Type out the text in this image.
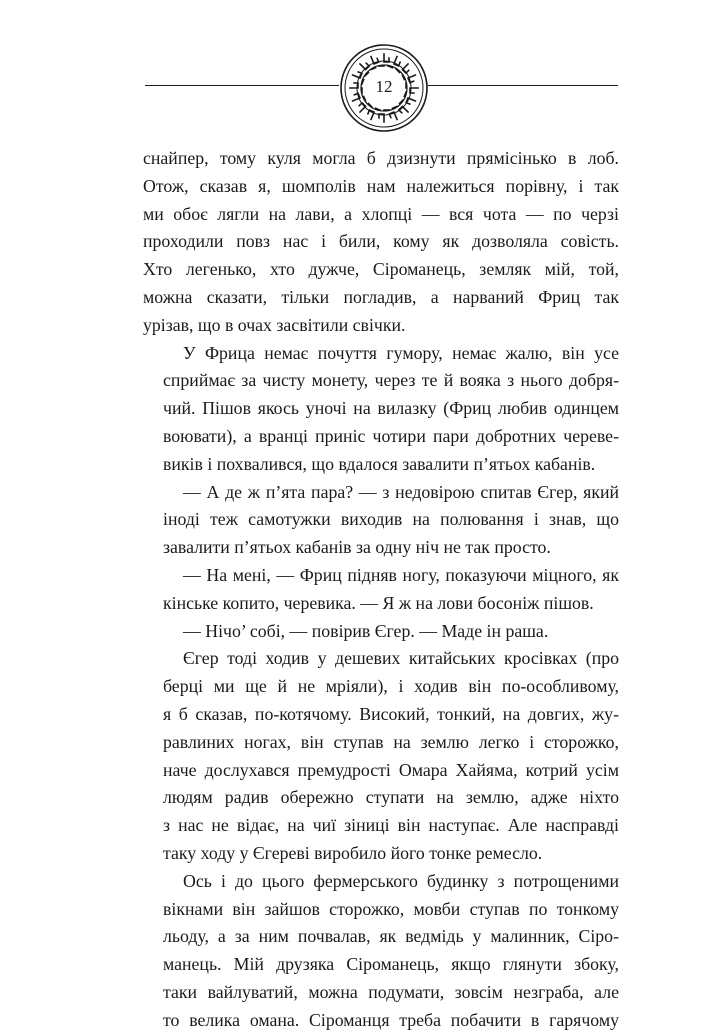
12

снайпер, тому куля могла б дзизнути прямісінько в лоб.
Отож, сказав я, шомполів нам належиться порівну, і так
ми обоє лягли на лави, а хлопці — вся чота — по черзі
проходили повз нас і били, кому як дозволяла совість.
Хто легенько, хто дужче, Сіроманець, земляк мій, той,
можна сказати, тільки погладив, а нарваний Фриц так
урізав, що в очах засвітили свічки.

У Фрица немає почуття гумору, немає жалю, він усе
сприймає за чисту монету, через те й вояка з нього добря-
чий. Пішов якось уночі на вилазку (Фриц любив одинцем
воювати), а вранці приніс чотири пари добротних череве-
виків і похвалився, що вдалося завалити п’ятьох кабанів.

— А де ж п’ята пара? — з недовірою спитав Єгер, який
іноді теж самотужки виходив на полювання і знав, що
завалити п’ятьох кабанів за одну ніч не так просто.

— На мені, — Фриц підняв ногу, показуючи міцного, як
кінське копито, черевика. — Я ж на лови босоніж пішов.

— Нічо’ собі, — повірив Єгер. — Маде ін раша.

Єгер тоді ходив у дешевих китайських кросівках (про
берці ми ще й не мріяли), і ходив він по-особливому,
я б сказав, по-котячому. Високий, тонкий, на довгих, жу-
равлиних ногах, він ступав на землю легко і сторожко,
наче дослухався премудрості Омара Хайяма, котрий усім
людям радив обережно ступати на землю, адже ніхто
з нас не відає, на чиї зіниці він наступає. Але насправді
таку ходу у Єгереві виробило його тонке ремесло.

Ось і до цього фермерського будинку з потрощеними
вікнами він зайшов сторожко, мовби ступав по тонкому
льоду, а за ним почвалав, як ведмідь у малинник, Сіро-
манець. Мій друзяка Сіроманець, якщо глянути збоку,
таки вайлуватий, можна подумати, зовсім незграба, але
то велика омана. Сіроманця треба побачити в гарячому
